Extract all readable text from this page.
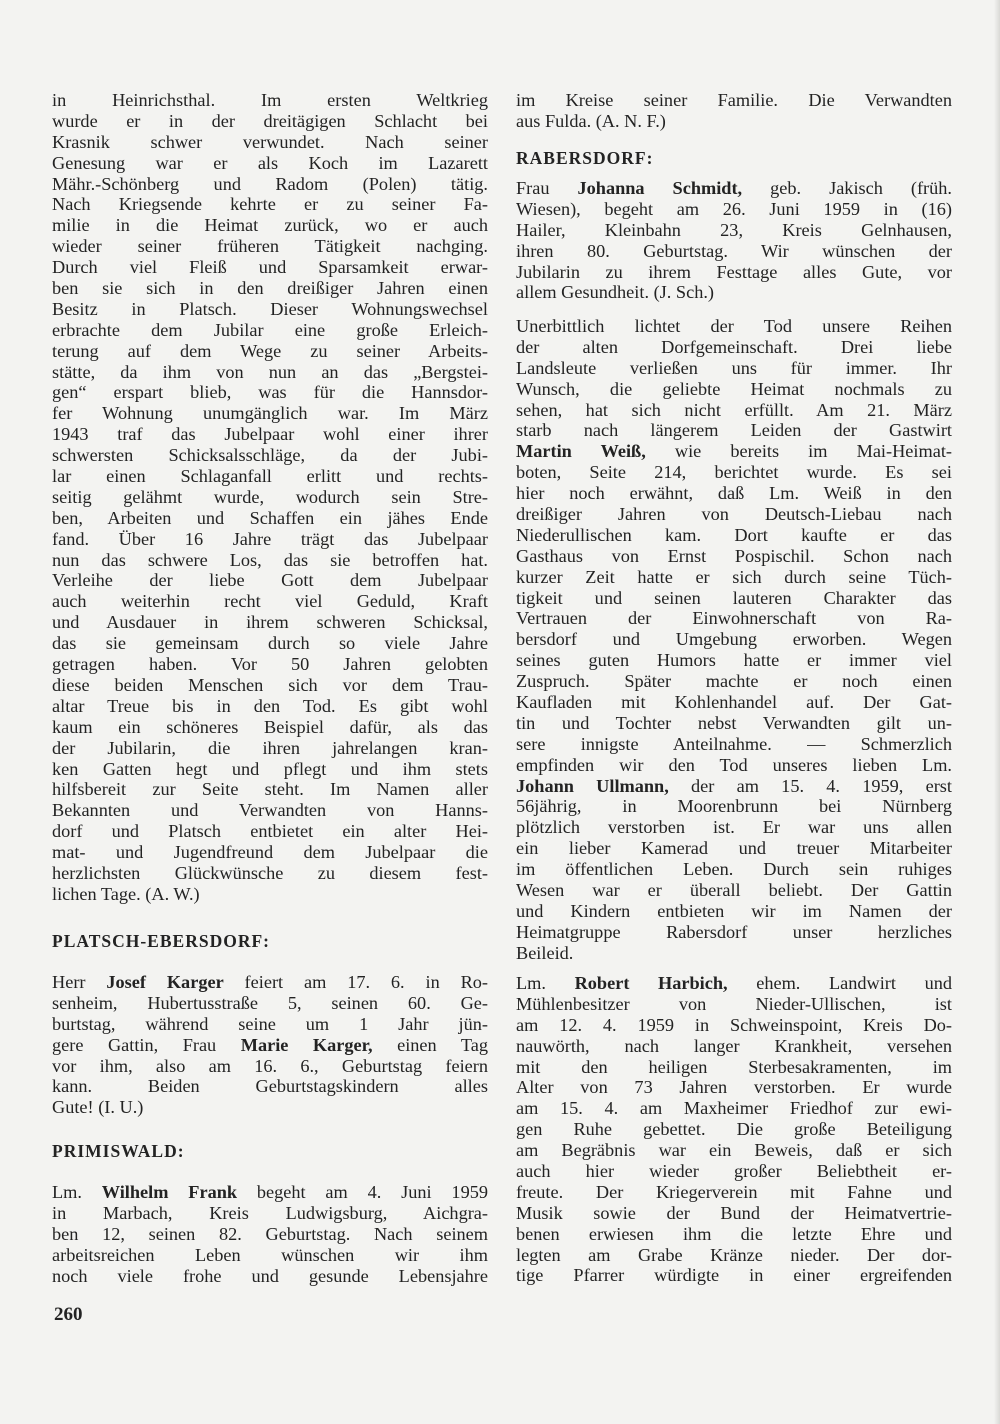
in Heinrichsthal. Im ersten Weltkrieg
wurde er in der dreitägigen Schlacht bei
Krasnik schwer verwundet. Nach seiner
Genesung war er als Koch im Lazarett
Mähr.-Schönberg und Radom (Polen) tätig.
Nach Kriegsende kehrte er zu seiner Fa-
milie in die Heimat zurück, wo er auch
wieder seiner früheren Tätigkeit nachging.
Durch viel Fleiß und Sparsamkeit erwar-
ben sie sich in den dreißiger Jahren einen
Besitz in Platsch. Dieser Wohnungswechsel
erbrachte dem Jubilar eine große Erleich-
terung auf dem Wege zu seiner Arbeits-
stätte, da ihm von nun an das „Bergstei-
gen“ erspart blieb, was für die Hannsdor-
fer Wohnung unumgänglich war. Im März
1943 traf das Jubelpaar wohl einer ihrer
schwersten Schicksalsschläge, da der Jubi-
lar einen Schlaganfall erlitt und rechts-
seitig gelähmt wurde, wodurch sein Stre-
ben, Arbeiten und Schaffen ein jähes Ende
fand. Über 16 Jahre trägt das Jubelpaar
nun das schwere Los, das sie betroffen hat.
Verleihe der liebe Gott dem Jubelpaar
auch weiterhin recht viel Geduld, Kraft
und Ausdauer in ihrem schweren Schicksal,
das sie gemeinsam durch so viele Jahre
getragen haben. Vor 50 Jahren gelobten
diese beiden Menschen sich vor dem Trau-
altar Treue bis in den Tod. Es gibt wohl
kaum ein schöneres Beispiel dafür, als das
der Jubilarin, die ihren jahrelangen kran-
ken Gatten hegt und pflegt und ihm stets
hilfsbereit zur Seite steht. Im Namen aller
Bekannten und Verwandten von Hanns-
dorf und Platsch entbietet ein alter Hei-
mat- und Jugendfreund dem Jubelpaar die
herzlichsten Glückwünsche zu diesem fest-
lichen Tage. (A. W.)
PLATSCH-EBERSDORF:
Herr Josef Karger feiert am 17. 6. in Ro-
senheim, Hubertusstraße 5, seinen 60. Ge-
burtstag, während seine um 1 Jahr jün-
gere Gattin, Frau Marie Karger, einen Tag
vor ihm, also am 16. 6., Geburtstag feiern
kann. Beiden Geburtstagskindern alles
Gute! (I. U.)
PRIMISWALD:
Lm. Wilhelm Frank begeht am 4. Juni 1959
in Marbach, Kreis Ludwigsburg, Aichgra-
ben 12, seinen 82. Geburtstag. Nach seinem
arbeitsreichen Leben wünschen wir ihm
noch viele frohe und gesunde Lebensjahre
im Kreise seiner Familie. Die Verwandten
aus Fulda. (A. N. F.)
RABERSDORF:
Frau Johanna Schmidt, geb. Jakisch (früh.
Wiesen), begeht am 26. Juni 1959 in (16)
Hailer, Kleinbahn 23, Kreis Gelnhausen,
ihren 80. Geburtstag. Wir wünschen der
Jubilarin zu ihrem Festtage alles Gute, vor
allem Gesundheit. (J. Sch.)
Unerbittlich lichtet der Tod unsere Reihen
der alten Dorfgemeinschaft. Drei liebe
Landsleute verließen uns für immer. Ihr
Wunsch, die geliebte Heimat nochmals zu
sehen, hat sich nicht erfüllt. Am 21. März
starb nach längerem Leiden der Gastwirt
Martin Weiß, wie bereits im Mai-Heimat-
boten, Seite 214, berichtet wurde. Es sei
hier noch erwähnt, daß Lm. Weiß in den
dreißiger Jahren von Deutsch-Liebau nach
Niederullischen kam. Dort kaufte er das
Gasthaus von Ernst Pospischil. Schon nach
kurzer Zeit hatte er sich durch seine Tüch-
tigkeit und seinen lauteren Charakter das
Vertrauen der Einwohnerschaft von Ra-
bersdorf und Umgebung erworben. Wegen
seines guten Humors hatte er immer viel
Zuspruch. Später machte er noch einen
Kaufladen mit Kohlenhandel auf. Der Gat-
tin und Tochter nebst Verwandten gilt un-
sere innigste Anteilnahme. — Schmerzlich
empfinden wir den Tod unseres lieben Lm.
Johann Ullmann, der am 15. 4. 1959, erst
56jährig, in Moorenbrunn bei Nürnberg
plötzlich verstorben ist. Er war uns allen
ein lieber Kamerad und treuer Mitarbeiter
im öffentlichen Leben. Durch sein ruhiges
Wesen war er überall beliebt. Der Gattin
und Kindern entbieten wir im Namen der
Heimatgruppe Rabersdorf unser herzliches
Beileid.
Lm. Robert Harbich, ehem. Landwirt und
Mühlenbesitzer von Nieder-Ullischen, ist
am 12. 4. 1959 in Schweinspoint, Kreis Do-
nauwörth, nach langer Krankheit, versehen
mit den heiligen Sterbesakramenten, im
Alter von 73 Jahren verstorben. Er wurde
am 15. 4. am Maxheimer Friedhof zur ewi-
gen Ruhe gebettet. Die große Beteiligung
am Begräbnis war ein Beweis, daß er sich
auch hier wieder großer Beliebtheit er-
freute. Der Kriegerverein mit Fahne und
Musik sowie der Bund der Heimatvertrie-
benen erwiesen ihm die letzte Ehre und
legten am Grabe Kränze nieder. Der dor-
tige Pfarrer würdigte in einer ergreifenden
260
